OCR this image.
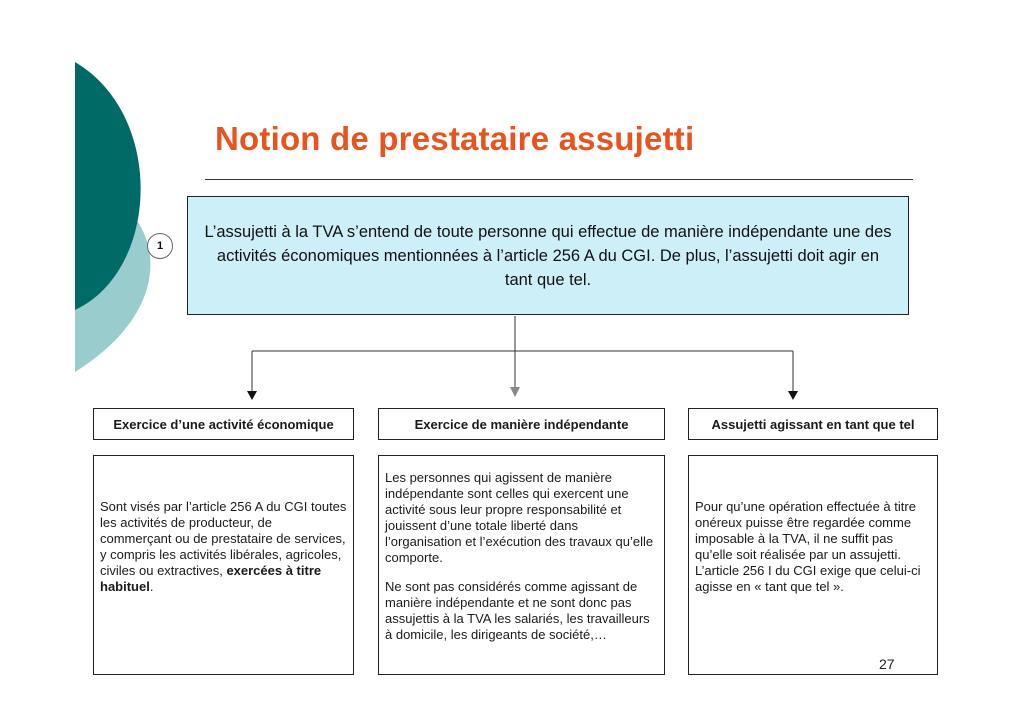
Notion de prestataire assujetti
L’assujetti à la TVA s’entend de toute personne qui effectue de manière indépendante une des activités économiques mentionnées à l’article 256 A du CGI. De plus, l’assujetti doit agir en tant que tel.
1
Exercice d’une activité économique	Exercice de manière indépendante	Assujetti agissant en tant que tel

Sont visés par l’article 256 A du CGI toutes les activités de producteur, de commerçant ou de prestataire de services, y compris les activités libérales, agricoles, civiles ou extractives, exercées à titre habituel.

Les personnes qui agissent de manière indépendante sont celles qui exercent une activité sous leur propre responsabilité et jouissent d’une totale liberté dans l’organisation et l’exécution des travaux qu’elle comporte.

Ne sont pas considérés comme agissant de manière indépendante et ne sont donc pas assujettis à la TVA les salariés, les travailleurs à domicile, les dirigeants de société,…

Pour qu’une opération effectuée à titre onéreux puisse être regardée comme imposable à la TVA, il ne suffit pas qu’elle soit réalisée par un assujetti. L’article 256 I du CGI exige que celui-ci agisse en « tant que tel ».

27
